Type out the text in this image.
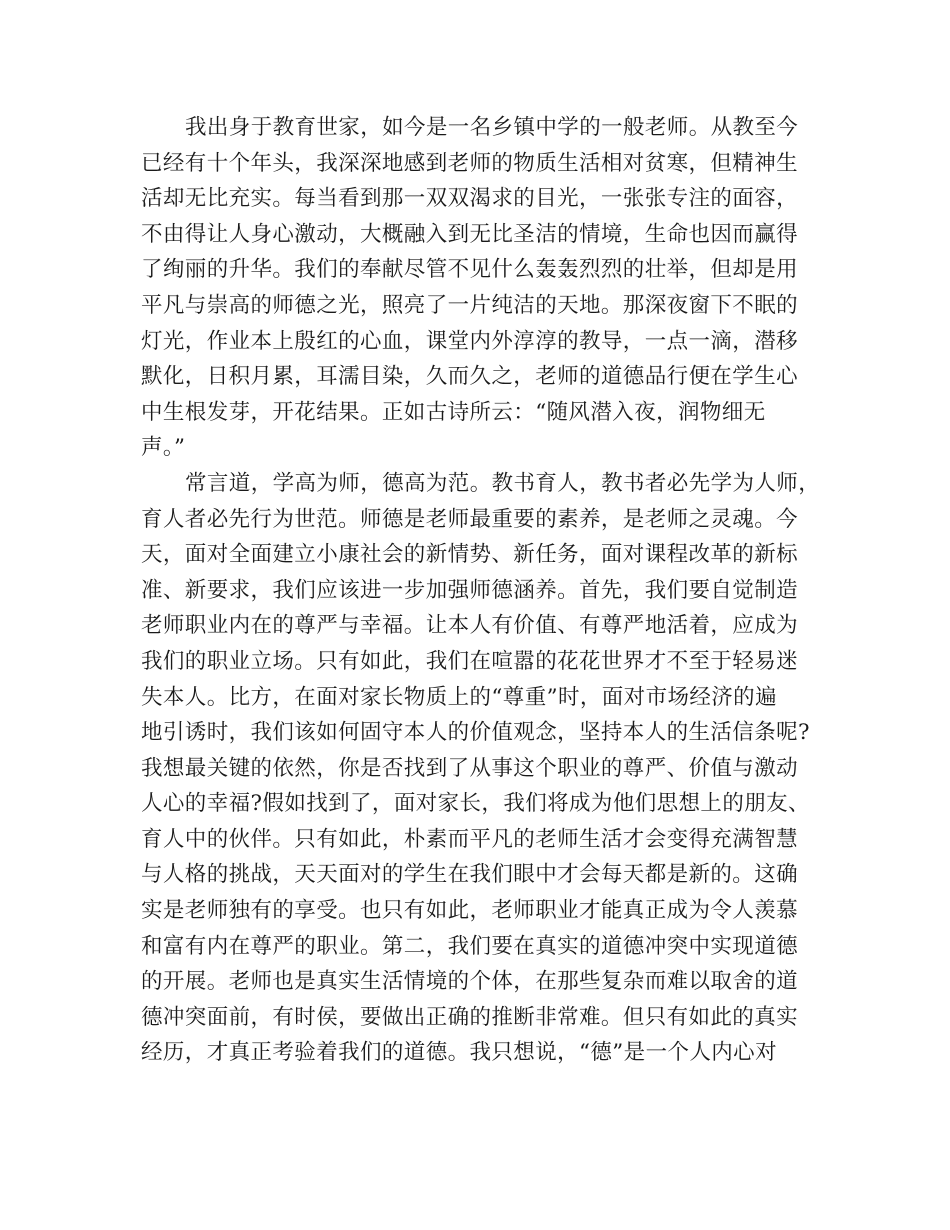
我出身于教育世家，如今是一名乡镇中学的一般老师。从教至今
已经有十个年头，我深深地感到老师的物质生活相对贫寒，但精神生
活却无比充实。每当看到那一双双渴求的目光，一张张专注的面容，
不由得让人身心激动，大概融入到无比圣洁的情境，生命也因而赢得
了绚丽的升华。我们的奉献尽管不见什么轰轰烈烈的壮举，但却是用
平凡与崇高的师德之光，照亮了一片纯洁的天地。那深夜窗下不眠的
灯光，作业本上殷红的心血，课堂内外淳淳的教导，一点一滴，潜移
默化，日积月累，耳濡目染，久而久之，老师的道德品行便在学生心
中生根发芽，开花结果。正如古诗所云：“随风潜入夜，润物细无
声。”
常言道，学高为师，德高为范。教书育人，教书者必先学为人师，
育人者必先行为世范。师德是老师最重要的素养，是老师之灵魂。今
天，面对全面建立小康社会的新情势、新任务，面对课程改革的新标
准、新要求，我们应该进一步加强师德涵养。首先，我们要自觉制造
老师职业内在的尊严与幸福。让本人有价值、有尊严地活着，应成为
我们的职业立场。只有如此，我们在喧嚣的花花世界才不至于轻易迷
失本人。比方，在面对家长物质上的“尊重”时，面对市场经济的遍
地引诱时，我们该如何固守本人的价值观念，坚持本人的生活信条呢?
我想最关键的依然，你是否找到了从事这个职业的尊严、价值与激动
人心的幸福?假如找到了，面对家长，我们将成为他们思想上的朋友、
育人中的伙伴。只有如此，朴素而平凡的老师生活才会变得充满智慧
与人格的挑战，天天面对的学生在我们眼中才会每天都是新的。这确
实是老师独有的享受。也只有如此，老师职业才能真正成为令人羡慕
和富有内在尊严的职业。第二，我们要在真实的道德冲突中实现道德
的开展。老师也是真实生活情境的个体，在那些复杂而难以取舍的道
德冲突面前，有时侯，要做出正确的推断非常难。但只有如此的真实
经历，才真正考验着我们的道德。我只想说，“德”是一个人内心对
